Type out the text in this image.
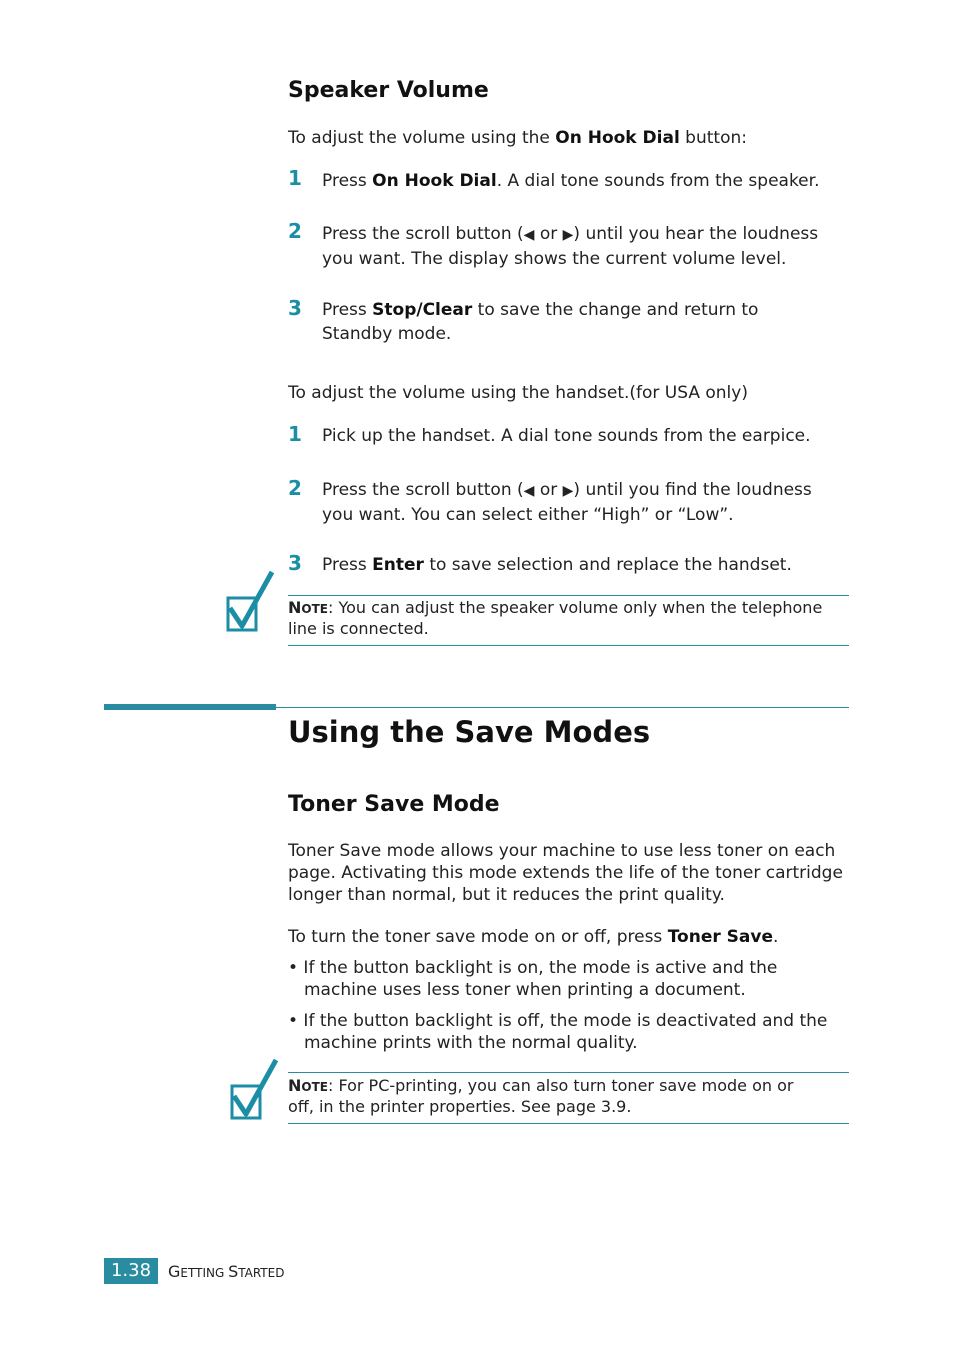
Speaker Volume
To adjust the volume using the On Hook Dial button:
1 Press On Hook Dial. A dial tone sounds from the speaker.
2 Press the scroll button (◀ or ▶) until you hear the loudness
you want. The display shows the current volume level.
3 Press Stop/Clear to save the change and return to
Standby mode.
To adjust the volume using the handset.(for USA only)
1 Pick up the handset. A dial tone sounds from the earpice.
2 Press the scroll button (◀ or ▶) until you find the loudness
you want. You can select either “High” or “Low”.
3 Press Enter to save selection and replace the handset.
NOTE: You can adjust the speaker volume only when the telephone
line is connected.
Using the Save Modes
Toner Save Mode
Toner Save mode allows your machine to use less toner on each
page. Activating this mode extends the life of the toner cartridge
longer than normal, but it reduces the print quality.
To turn the toner save mode on or off, press Toner Save.
• If the button backlight is on, the mode is active and the
machine uses less toner when printing a document.
• If the button backlight is off, the mode is deactivated and the
machine prints with the normal quality.
NOTE: For PC-printing, you can also turn toner save mode on or
off, in the printer properties. See page 3.9.
1.38	GETTING STARTED
